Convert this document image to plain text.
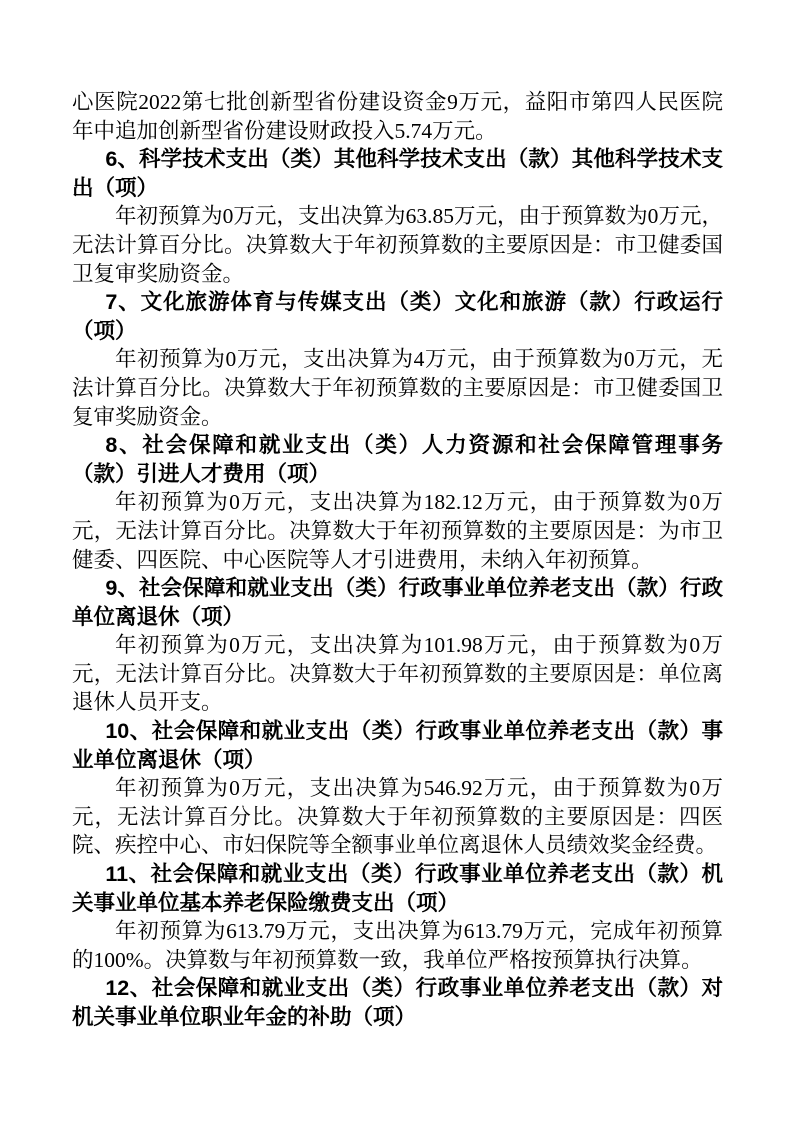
心医院2022第七批创新型省份建设资金9万元，益阳市第四人民医院年中追加创新型省份建设财政投入5.74万元。

6、科学技术支出（类）其他科学技术支出（款）其他科学技术支出（项）

年初预算为0万元，支出决算为63.85万元，由于预算数为0万元，无法计算百分比。决算数大于年初预算数的主要原因是：市卫健委国卫复审奖励资金。

7、文化旅游体育与传媒支出（类）文化和旅游（款）行政运行（项）

年初预算为0万元，支出决算为4万元，由于预算数为0万元，无法计算百分比。决算数大于年初预算数的主要原因是：市卫健委国卫复审奖励资金。

8、社会保障和就业支出（类）人力资源和社会保障管理事务（款）引进人才费用（项）

年初预算为0万元，支出决算为182.12万元，由于预算数为0万元，无法计算百分比。决算数大于年初预算数的主要原因是：为市卫健委、四医院、中心医院等人才引进费用，未纳入年初预算。

9、社会保障和就业支出（类）行政事业单位养老支出（款）行政单位离退休（项）

年初预算为0万元，支出决算为101.98万元，由于预算数为0万元，无法计算百分比。决算数大于年初预算数的主要原因是：单位离退休人员开支。

10、社会保障和就业支出（类）行政事业单位养老支出（款）事业单位离退休（项）

年初预算为0万元，支出决算为546.92万元，由于预算数为0万元，无法计算百分比。决算数大于年初预算数的主要原因是：四医院、疾控中心、市妇保院等全额事业单位离退休人员绩效奖金经费。

11、社会保障和就业支出（类）行政事业单位养老支出（款）机关事业单位基本养老保险缴费支出（项）

年初预算为613.79万元，支出决算为613.79万元，完成年初预算的100%。决算数与年初预算数一致，我单位严格按预算执行决算。

12、社会保障和就业支出（类）行政事业单位养老支出（款）对机关事业单位职业年金的补助（项）
